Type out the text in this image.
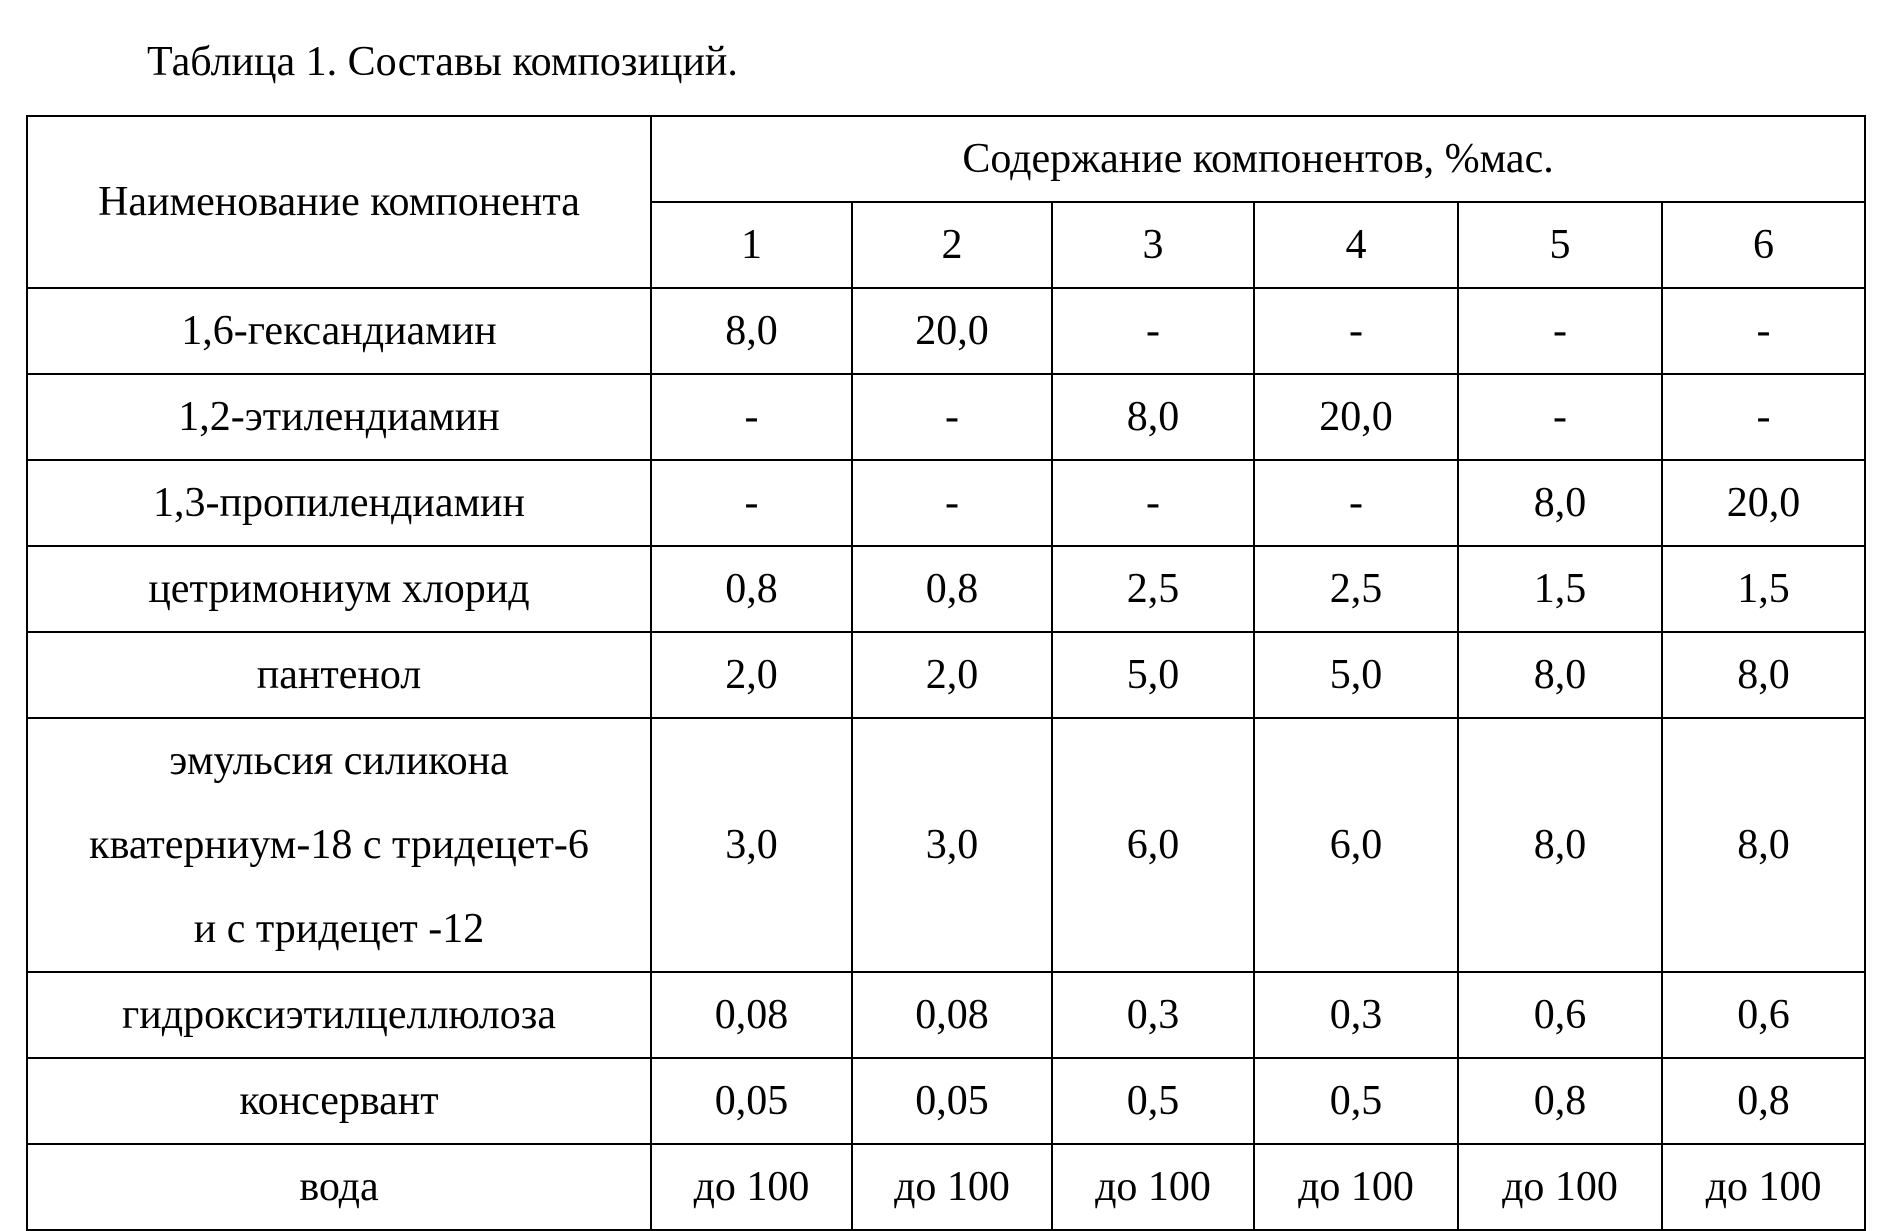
Таблица 1. Составы композиций.
Наименование компонента	Содержание компонентов, %мас.					
	1	2	3	4	5	6

1,6-гександиамин	8,0	20,0	-	-	-	-

1,2-этилендиамин	-	-	8,0	20,0	-	-

1,3-пропилендиамин	-	-	-	-	8,0	20,0

цетримониум хлорид	0,8	0,8	2,5	2,5	1,5	1,5

пантенол	2,0	2,0	5,0	5,0	8,0	8,0

эмульсия силикона
кватерниум-18 с тридецет-6
и с тридецет -12	3,0	3,0	6,0	6,0	8,0	8,0

гидроксиэтилцеллюлоза	0,08	0,08	0,3	0,3	0,6	0,6

консервант	0,05	0,05	0,5	0,5	0,8	0,8

вода	до 100	до 100	до 100	до 100	до 100	до 100
